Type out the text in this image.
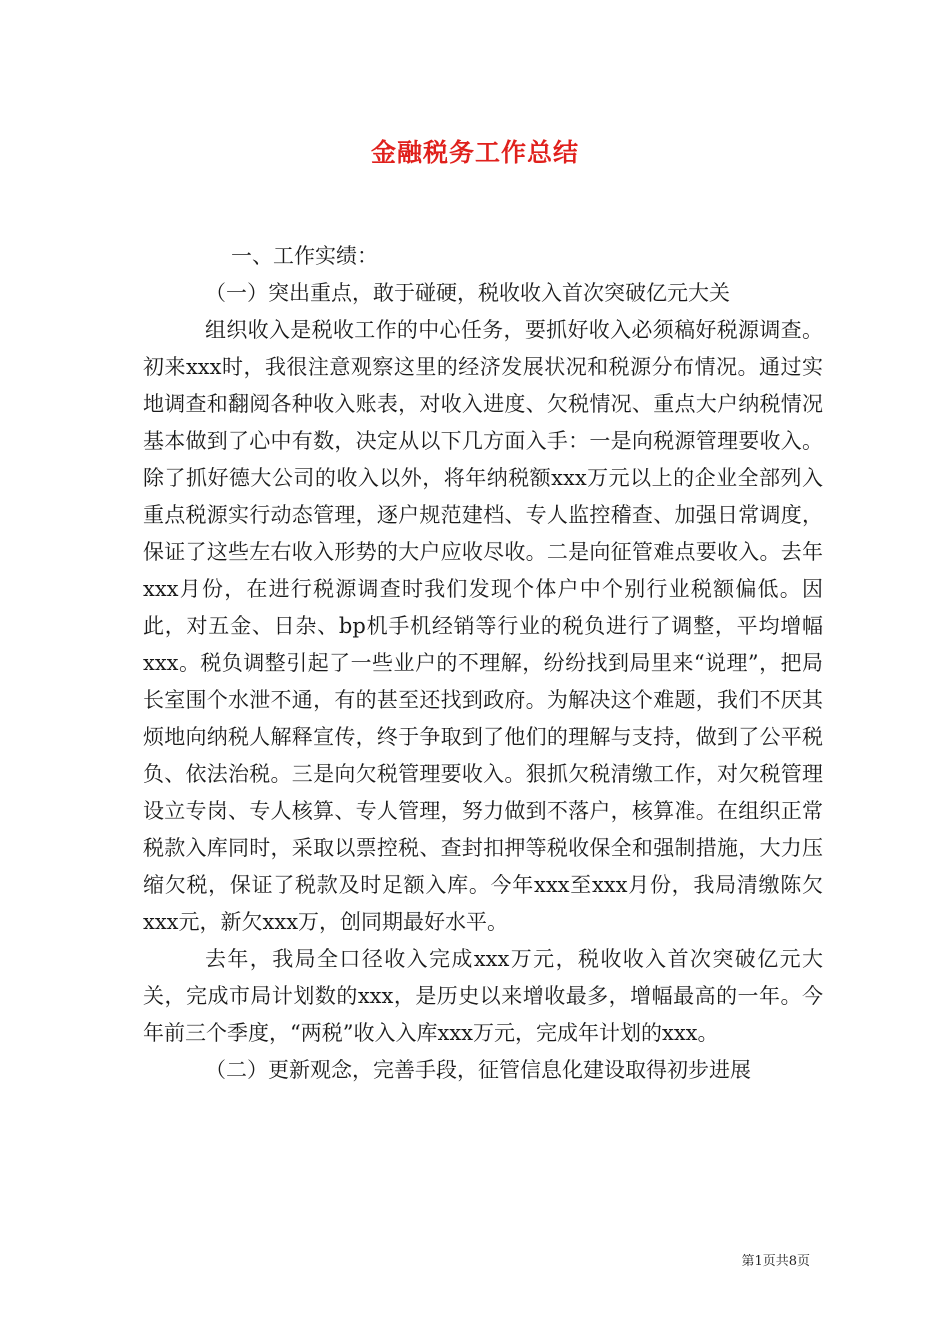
金融税务工作总结

一、工作实绩：

（一）突出重点，敢于碰硬，税收收入首次突破亿元大关

组织收入是税收工作的中心任务，要抓好收入必须稿好税源调查。初来xxx时，我很注意观察这里的经济发展状况和税源分布情况。通过实地调查和翻阅各种收入账表，对收入进度、欠税情况、重点大户纳税情况基本做到了心中有数，决定从以下几方面入手：一是向税源管理要收入。除了抓好德大公司的收入以外，将年纳税额xxx万元以上的企业全部列入重点税源实行动态管理，逐户规范建档、专人监控稽查、加强日常调度，保证了这些左右收入形势的大户应收尽收。二是向征管难点要收入。去年xxx月份，在进行税源调查时我们发现个体户中个别行业税额偏低。因此，对五金、日杂、bp机手机经销等行业的税负进行了调整，平均增幅xxx。税负调整引起了一些业户的不理解，纷纷找到局里来“说理”，把局长室围个水泄不通，有的甚至还找到政府。为解决这个难题，我们不厌其烦地向纳税人解释宣传，终于争取到了他们的理解与支持，做到了公平税负、依法治税。三是向欠税管理要收入。狠抓欠税清缴工作，对欠税管理设立专岗、专人核算、专人管理，努力做到不落户，核算准。在组织正常税款入库同时，采取以票控税、查封扣押等税收保全和强制措施，大力压缩欠税，保证了税款及时足额入库。今年xxx至xxx月份，我局清缴陈欠xxx元，新欠xxx万，创同期最好水平。

去年，我局全口径收入完成xxx万元，税收收入首次突破亿元大关，完成市局计划数的xxx，是历史以来增收最多，增幅最高的一年。今年前三个季度，“两税”收入入库xxx万元，完成年计划的xxx。

（二）更新观念，完善手段，征管信息化建设取得初步进展

第1页共8页
